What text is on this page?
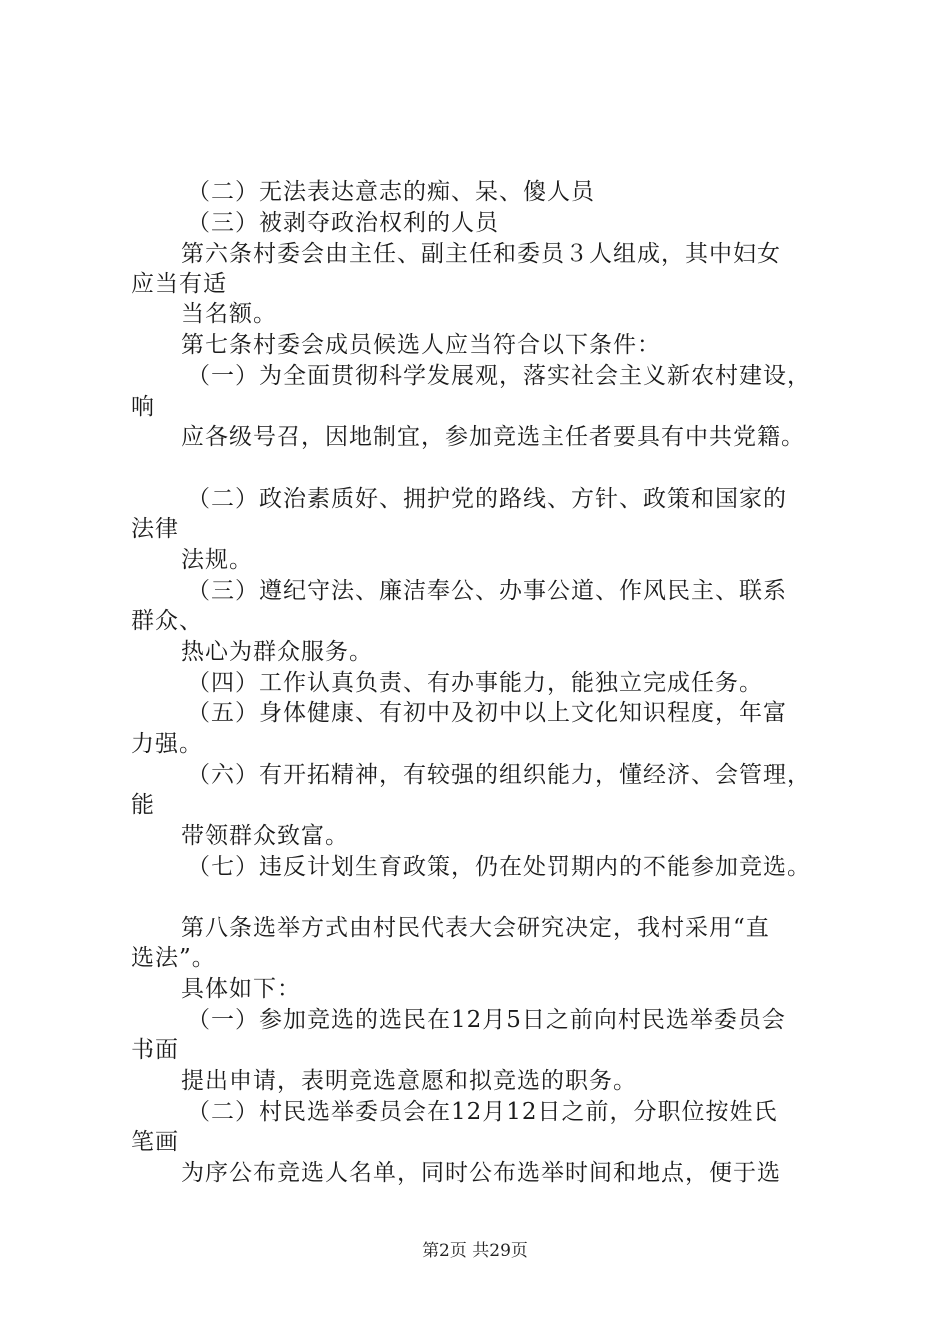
（二）无法表达意志的痴、呆、傻人员
（三）被剥夺政治权利的人员
第六条村委会由主任、副主任和委员３人组成，其中妇女
应当有适
当名额。
第七条村委会成员候选人应当符合以下条件：
（一）为全面贯彻科学发展观，落实社会主义新农村建设，
响
应各级号召，因地制宜，参加竞选主任者要具有中共党籍。
（二）政治素质好、拥护党的路线、方针、政策和国家的
法律
法规。
（三）遵纪守法、廉洁奉公、办事公道、作风民主、联系
群众、
热心为群众服务。
（四）工作认真负责、有办事能力，能独立完成任务。
（五）身体健康、有初中及初中以上文化知识程度，年富
力强。
（六）有开拓精神，有较强的组织能力，懂经济、会管理，
能
带领群众致富。
（七）违反计划生育政策，仍在处罚期内的不能参加竞选。
第八条选举方式由村民代表大会研究决定，我村采用“直
选法”。
具体如下：
（一）参加竞选的选民在12月5日之前向村民选举委员会
书面
提出申请，表明竞选意愿和拟竞选的职务。
（二）村民选举委员会在12月12日之前，分职位按姓氏
笔画
为序公布竞选人名单，同时公布选举时间和地点，便于选
第2页 共29页
